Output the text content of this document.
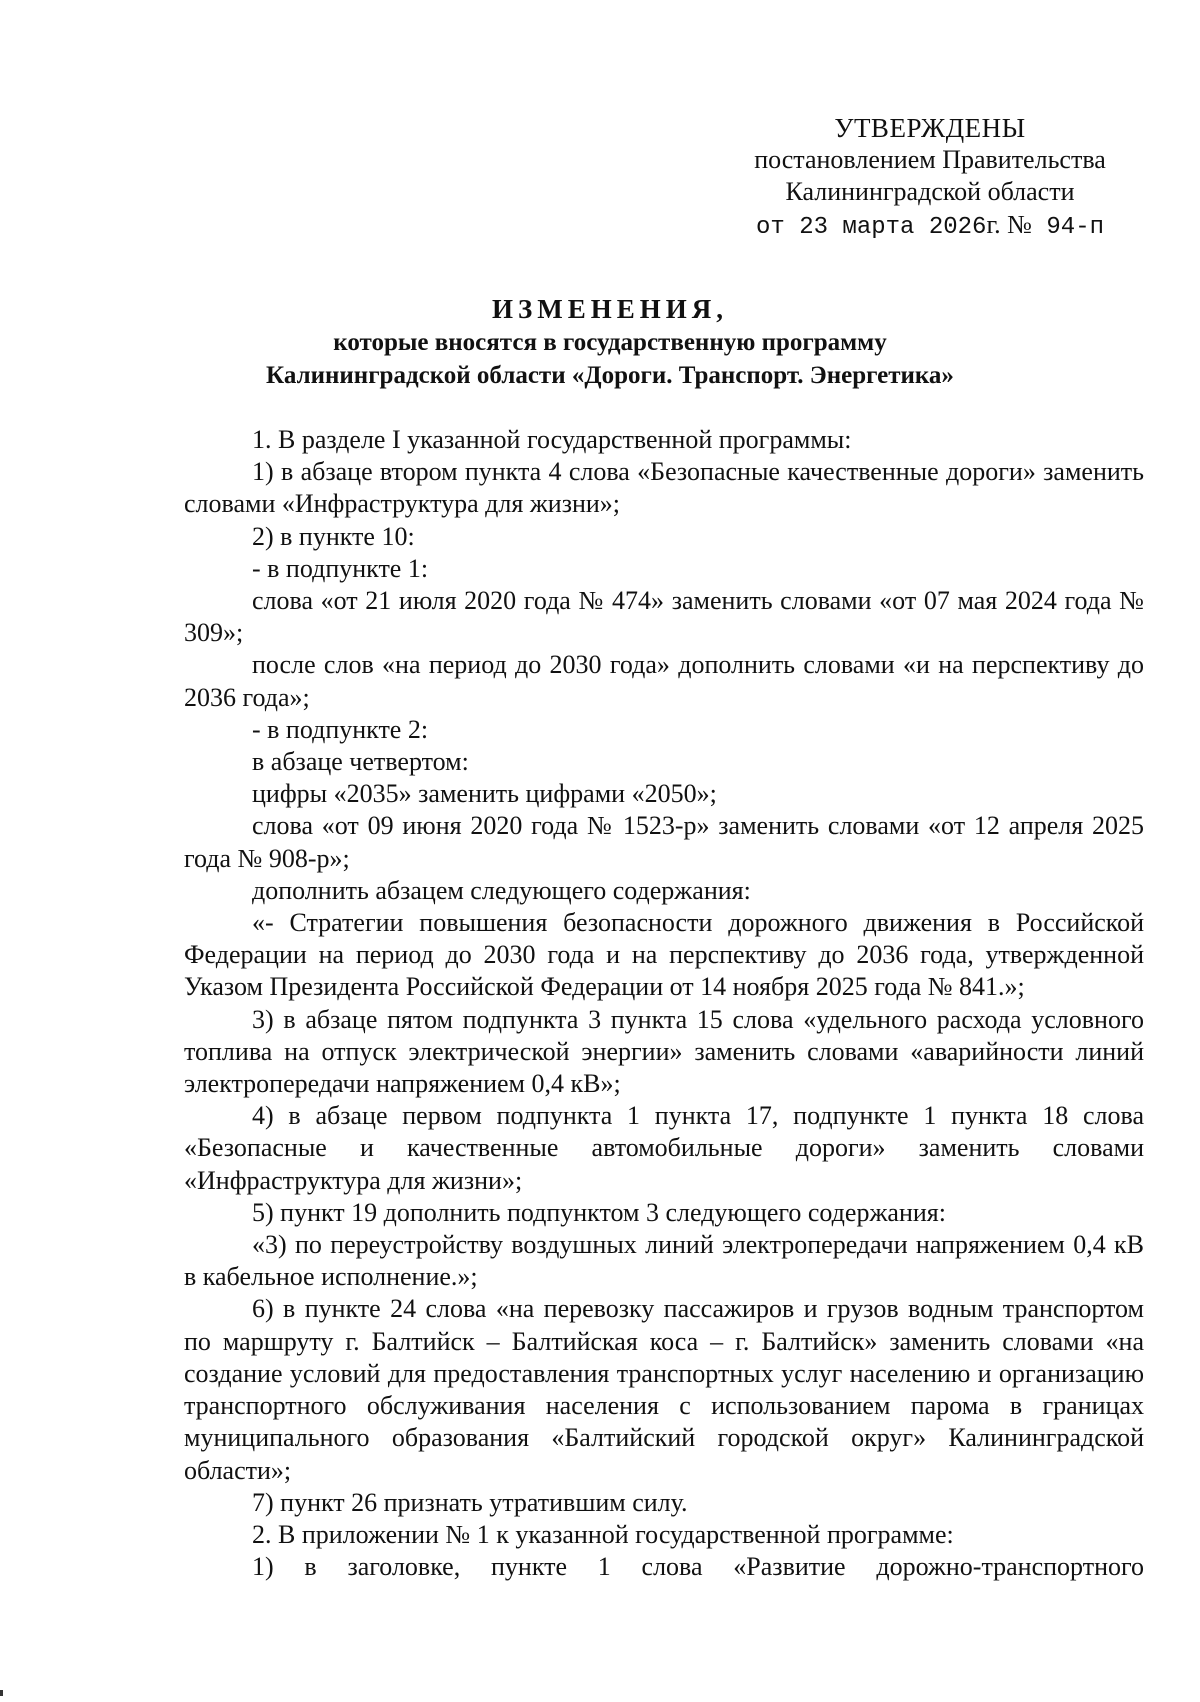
УТВЕРЖДЕНЫ
постановлением Правительства
Калининградской области
от 23 марта 2026г. № 94-п
ИЗМЕНЕНИЯ,
которые вносятся в государственную программу
Калининградской области «Дороги. Транспорт. Энергетика»

1. В разделе I указанной государственной программы:

1) в абзаце втором пункта 4 слова «Безопасные качественные дороги» заменить словами «Инфраструктура для жизни»;

2) в пункте 10:

- в подпункте 1:

слова «от 21 июля 2020 года № 474» заменить словами «от 07 мая 2024 года № 309»;

после слов «на период до 2030 года» дополнить словами «и на перспективу до 2036 года»;

- в подпункте 2:

в абзаце четвертом:

цифры «2035» заменить цифрами «2050»;

слова «от 09 июня 2020 года № 1523-р» заменить словами «от 12 апреля 2025 года № 908-р»;

дополнить абзацем следующего содержания:

«- Стратегии повышения безопасности дорожного движения в Российской Федерации на период до 2030 года и на перспективу до 2036 года, утвержденной Указом Президента Российской Федерации от 14 ноября 2025 года № 841.»;

3) в абзаце пятом подпункта 3 пункта 15 слова «удельного расхода условного топлива на отпуск электрической энергии» заменить словами «аварийности линий электропередачи напряжением 0,4 кВ»;

4) в абзаце первом подпункта 1 пункта 17, подпункте 1 пункта 18 слова «Безопасные и качественные автомобильные дороги» заменить словами «Инфраструктура для жизни»;

5) пункт 19 дополнить подпунктом 3 следующего содержания:

«3) по переустройству воздушных линий электропередачи напряжением 0,4 кВ в кабельное исполнение.»;

6) в пункте 24 слова «на перевозку пассажиров и грузов водным транспортом по маршруту г. Балтийск – Балтийская коса – г. Балтийск» заменить словами «на создание условий для предоставления транспортных услуг населению и организацию транспортного обслуживания населения с использованием парома в границах муниципального образования «Балтийский городской округ» Калининградской области»;

7) пункт 26 признать утратившим силу.

2. В приложении № 1 к указанной государственной программе:

1) в заголовке, пункте 1 слова «Развитие дорожно-транспортного
